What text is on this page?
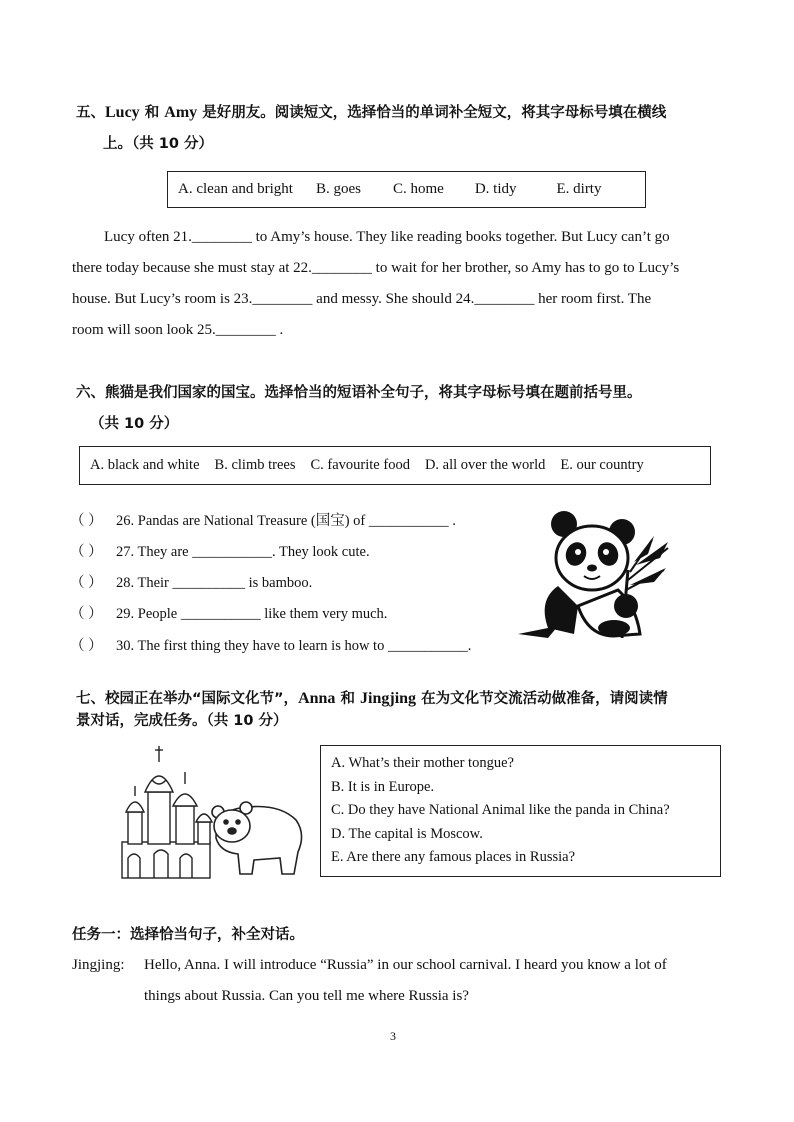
五、Lucy 和 Amy 是好朋友。阅读短文，选择恰当的单词补全短文，将其字母标号填在横线
上。（共 10 分）
A. clean and bright B. goes C. home D. tidy	E. dirty
Lucy often 21.________ to Amy’s house. They like reading books together. But Lucy can’t go
there today because she must stay at 22.________ to wait for her brother, so Amy has to go to Lucy’s
house. But Lucy’s room is 23.________ and messy. She should 24.________ her room first. The
room will soon look 25.________ .
六、熊猫是我们国家的国宝。选择恰当的短语补全句子，将其字母标号填在题前括号里。
（共 10 分）
A. black and white B. climb trees C. favourite food D. all over the world E. our country
（ ） 26. Pandas are National Treasure (国宝) of ___________ .
（ ） 27. They are ___________. They look cute.
（ ） 28. Their __________ is bamboo.
（ ） 29. People ___________ like them very much.
（ ） 30. The first thing they have to learn is how to ___________.
七、校园正在举办“国际文化节”，Anna 和 Jingjing 在为文化节交流活动做准备，请阅读情
景对话，完成任务。（共 10 分）
A. What’s their mother tongue?
B. It is in Europe.
C. Do they have National Animal like the panda in China?
D. The capital is Moscow.
E. Are there any famous places in Russia?
任务一：选择恰当句子，补全对话。
Jingjing: Hello, Anna. I will introduce “Russia” in our school carnival. I heard you know a lot of
things about Russia. Can you tell me where Russia is?
3
